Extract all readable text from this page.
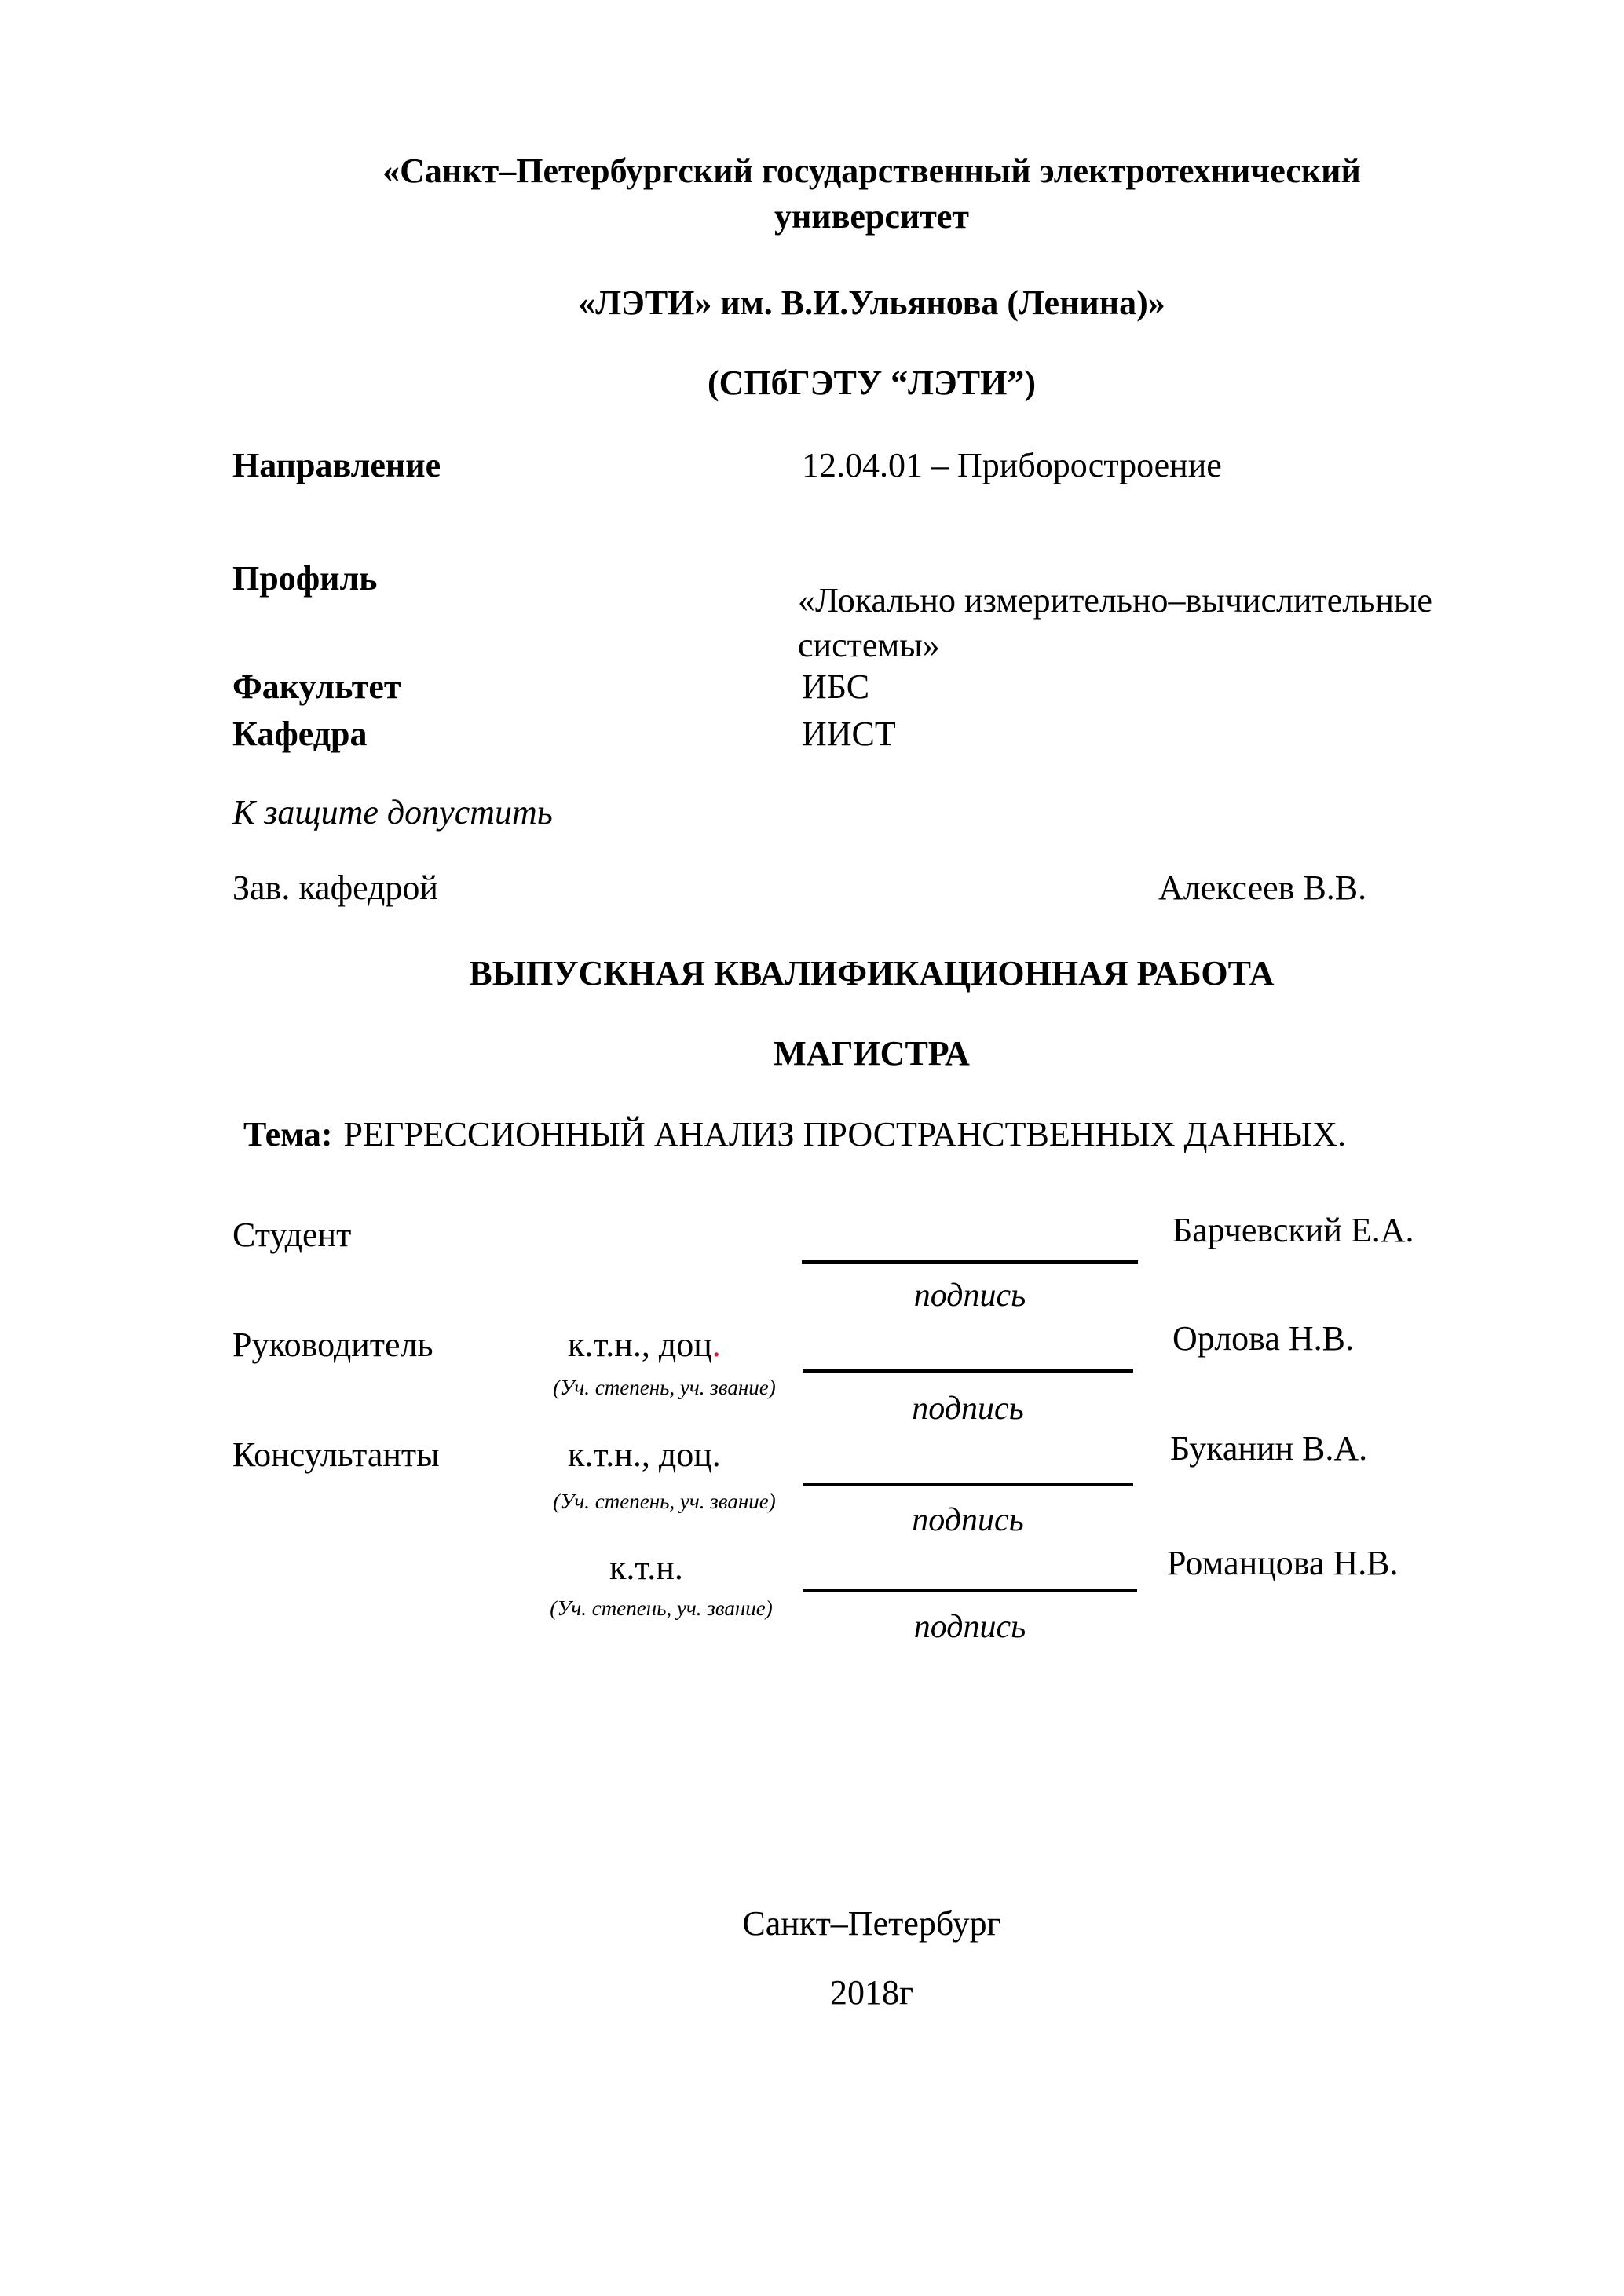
«Санкт–Петербургский государственный электротехнический
университет
«ЛЭТИ» им. В.И.Ульянова (Ленина)»
(СПбГЭТУ “ЛЭТИ”)
Направление	12.04.01 – Приборостроение
Профиль
«Локально измерительно–вычислительные системы»
Факультет	ИБС
Кафедра	ИИСТ
К защите допустить
Зав. кафедрой	Алексеев В.В.
ВЫПУСКНАЯ КВАЛИФИКАЦИОННАЯ РАБОТА
МАГИСТРА
Тема: РЕГРЕССИОННЫЙ АНАЛИЗ ПРОСТРАНСТВЕННЫХ ДАННЫХ.
Студент	Барчевский Е.А.
подпись
Руководитель	к.т.н., доц.	Орлова Н.В.
(Уч. степень, уч. звание)
подпись
Консультанты	к.т.н., доц.	Буканин В.А.
(Уч. степень, уч. звание)
подпись
к.т.н.	Романцова Н.В.
(Уч. степень, уч. звание)
подпись
Санкт–Петербург
2018г
